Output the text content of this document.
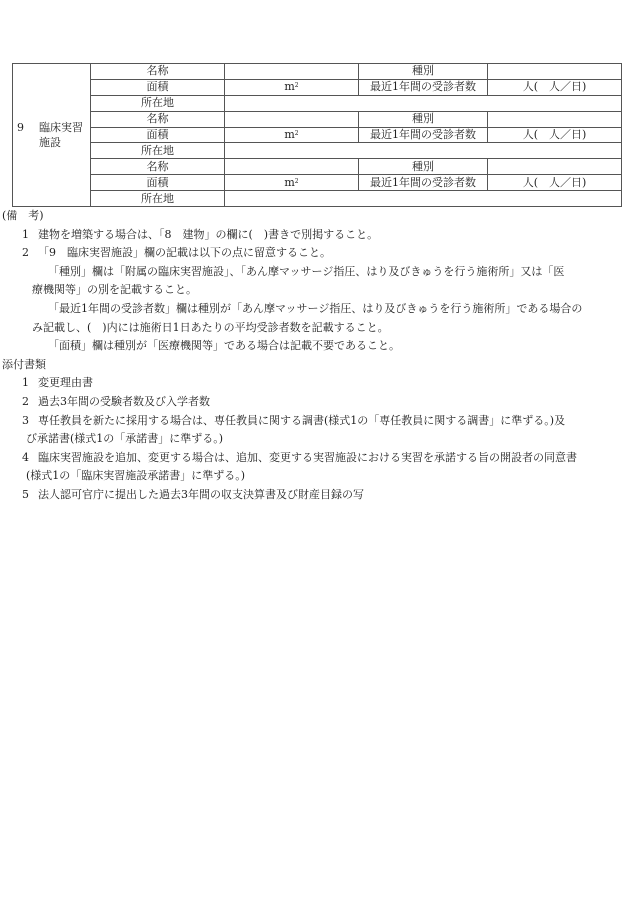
9 臨床実習
施設	名称		種別	
	面積	$m^2$	最近1年間の受診者数	人(　人／日)
	所在地			
	名称		種別	
	面積	$m^2$	最近1年間の受診者数	人(　人／日)
	所在地			
	名称		種別	
	面積	$m^2$	最近1年間の受診者数	人(　人／日)
	所在地			

(備　考)

1 建物を増築する場合は、「8　建物」の欄に(　)書きで別掲すること。

2 「9　臨床実習施設」欄の記載は以下の点に留意すること。

「種別」欄は「附属の臨床実習施設」、「あん摩マッサージ指圧、はり及びきゅうを行う施術所」又は「医

療機関等」の別を記載すること。

「最近1年間の受診者数」欄は種別が「あん摩マッサージ指圧、はり及びきゅうを行う施術所」である場合の

み記載し、(　)内には施術日1日あたりの平均受診者数を記載すること。

「面積」欄は種別が「医療機関等」である場合は記載不要であること。

添付書類

1 変更理由書

2 過去3年間の受験者数及び入学者数

3 専任教員を新たに採用する場合は、専任教員に関する調書(様式1の「専任教員に関する調書」に準ずる。)及

び承諾書(様式1の「承諾書」に準ずる。)

4 臨床実習施設を追加、変更する場合は、追加、変更する実習施設における実習を承諾する旨の開設者の同意書

(様式1の「臨床実習施設承諾書」に準ずる。)

5 法人認可官庁に提出した過去3年間の収支決算書及び財産目録の写
